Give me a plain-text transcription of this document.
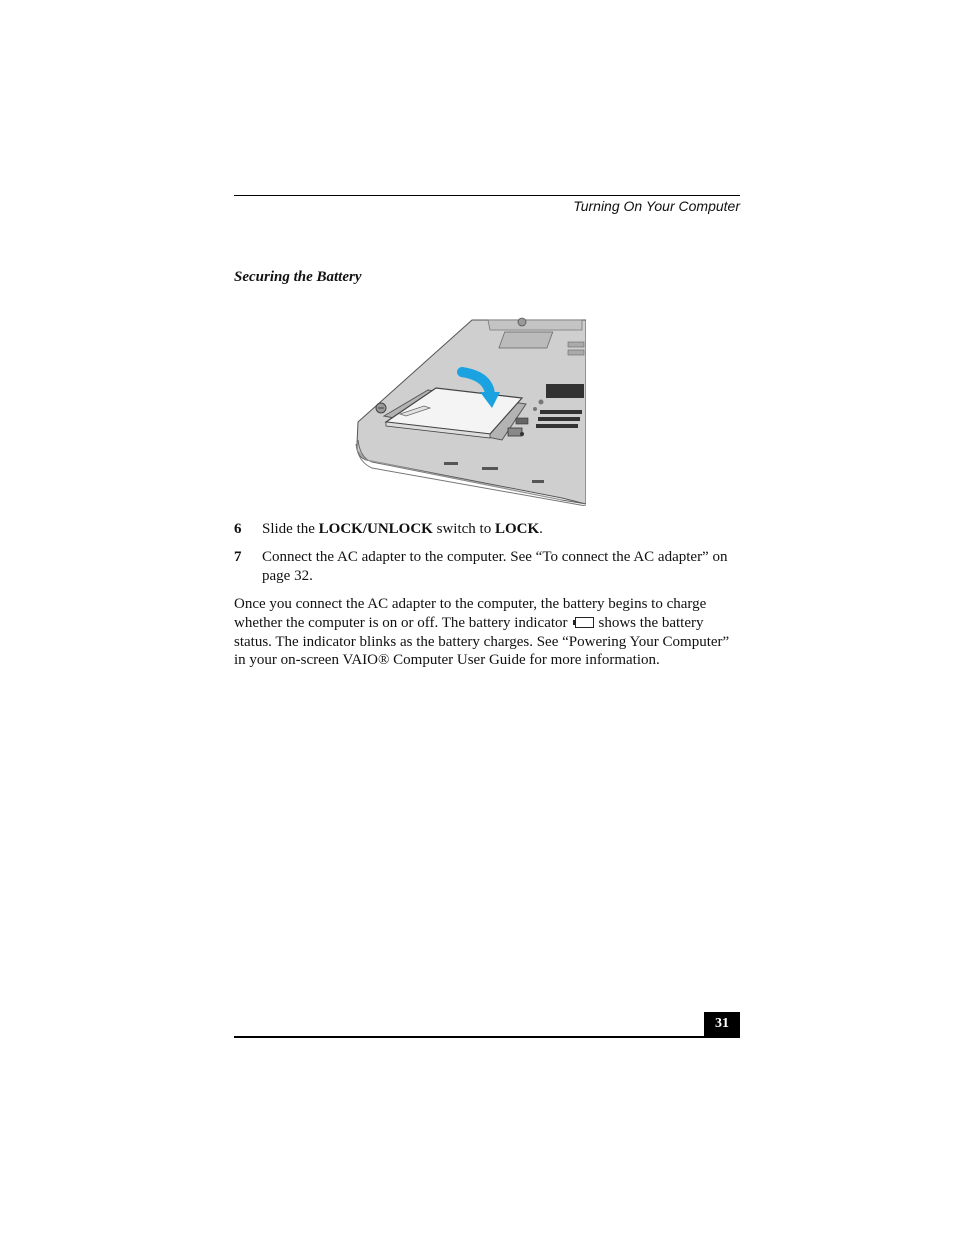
Turning On Your Computer
Securing the Battery
6 Slide the LOCK/UNLOCK switch to LOCK.
7 Connect the AC adapter to the computer. See “To connect the AC adapter” on page 32.
Once you connect the AC adapter to the computer, the battery begins to charge whether the computer is on or off. The battery indicator shows the battery status. The indicator blinks as the battery charges. See “Powering Your Computer” in your on-screen VAIO® Computer User Guide for more information.
31
